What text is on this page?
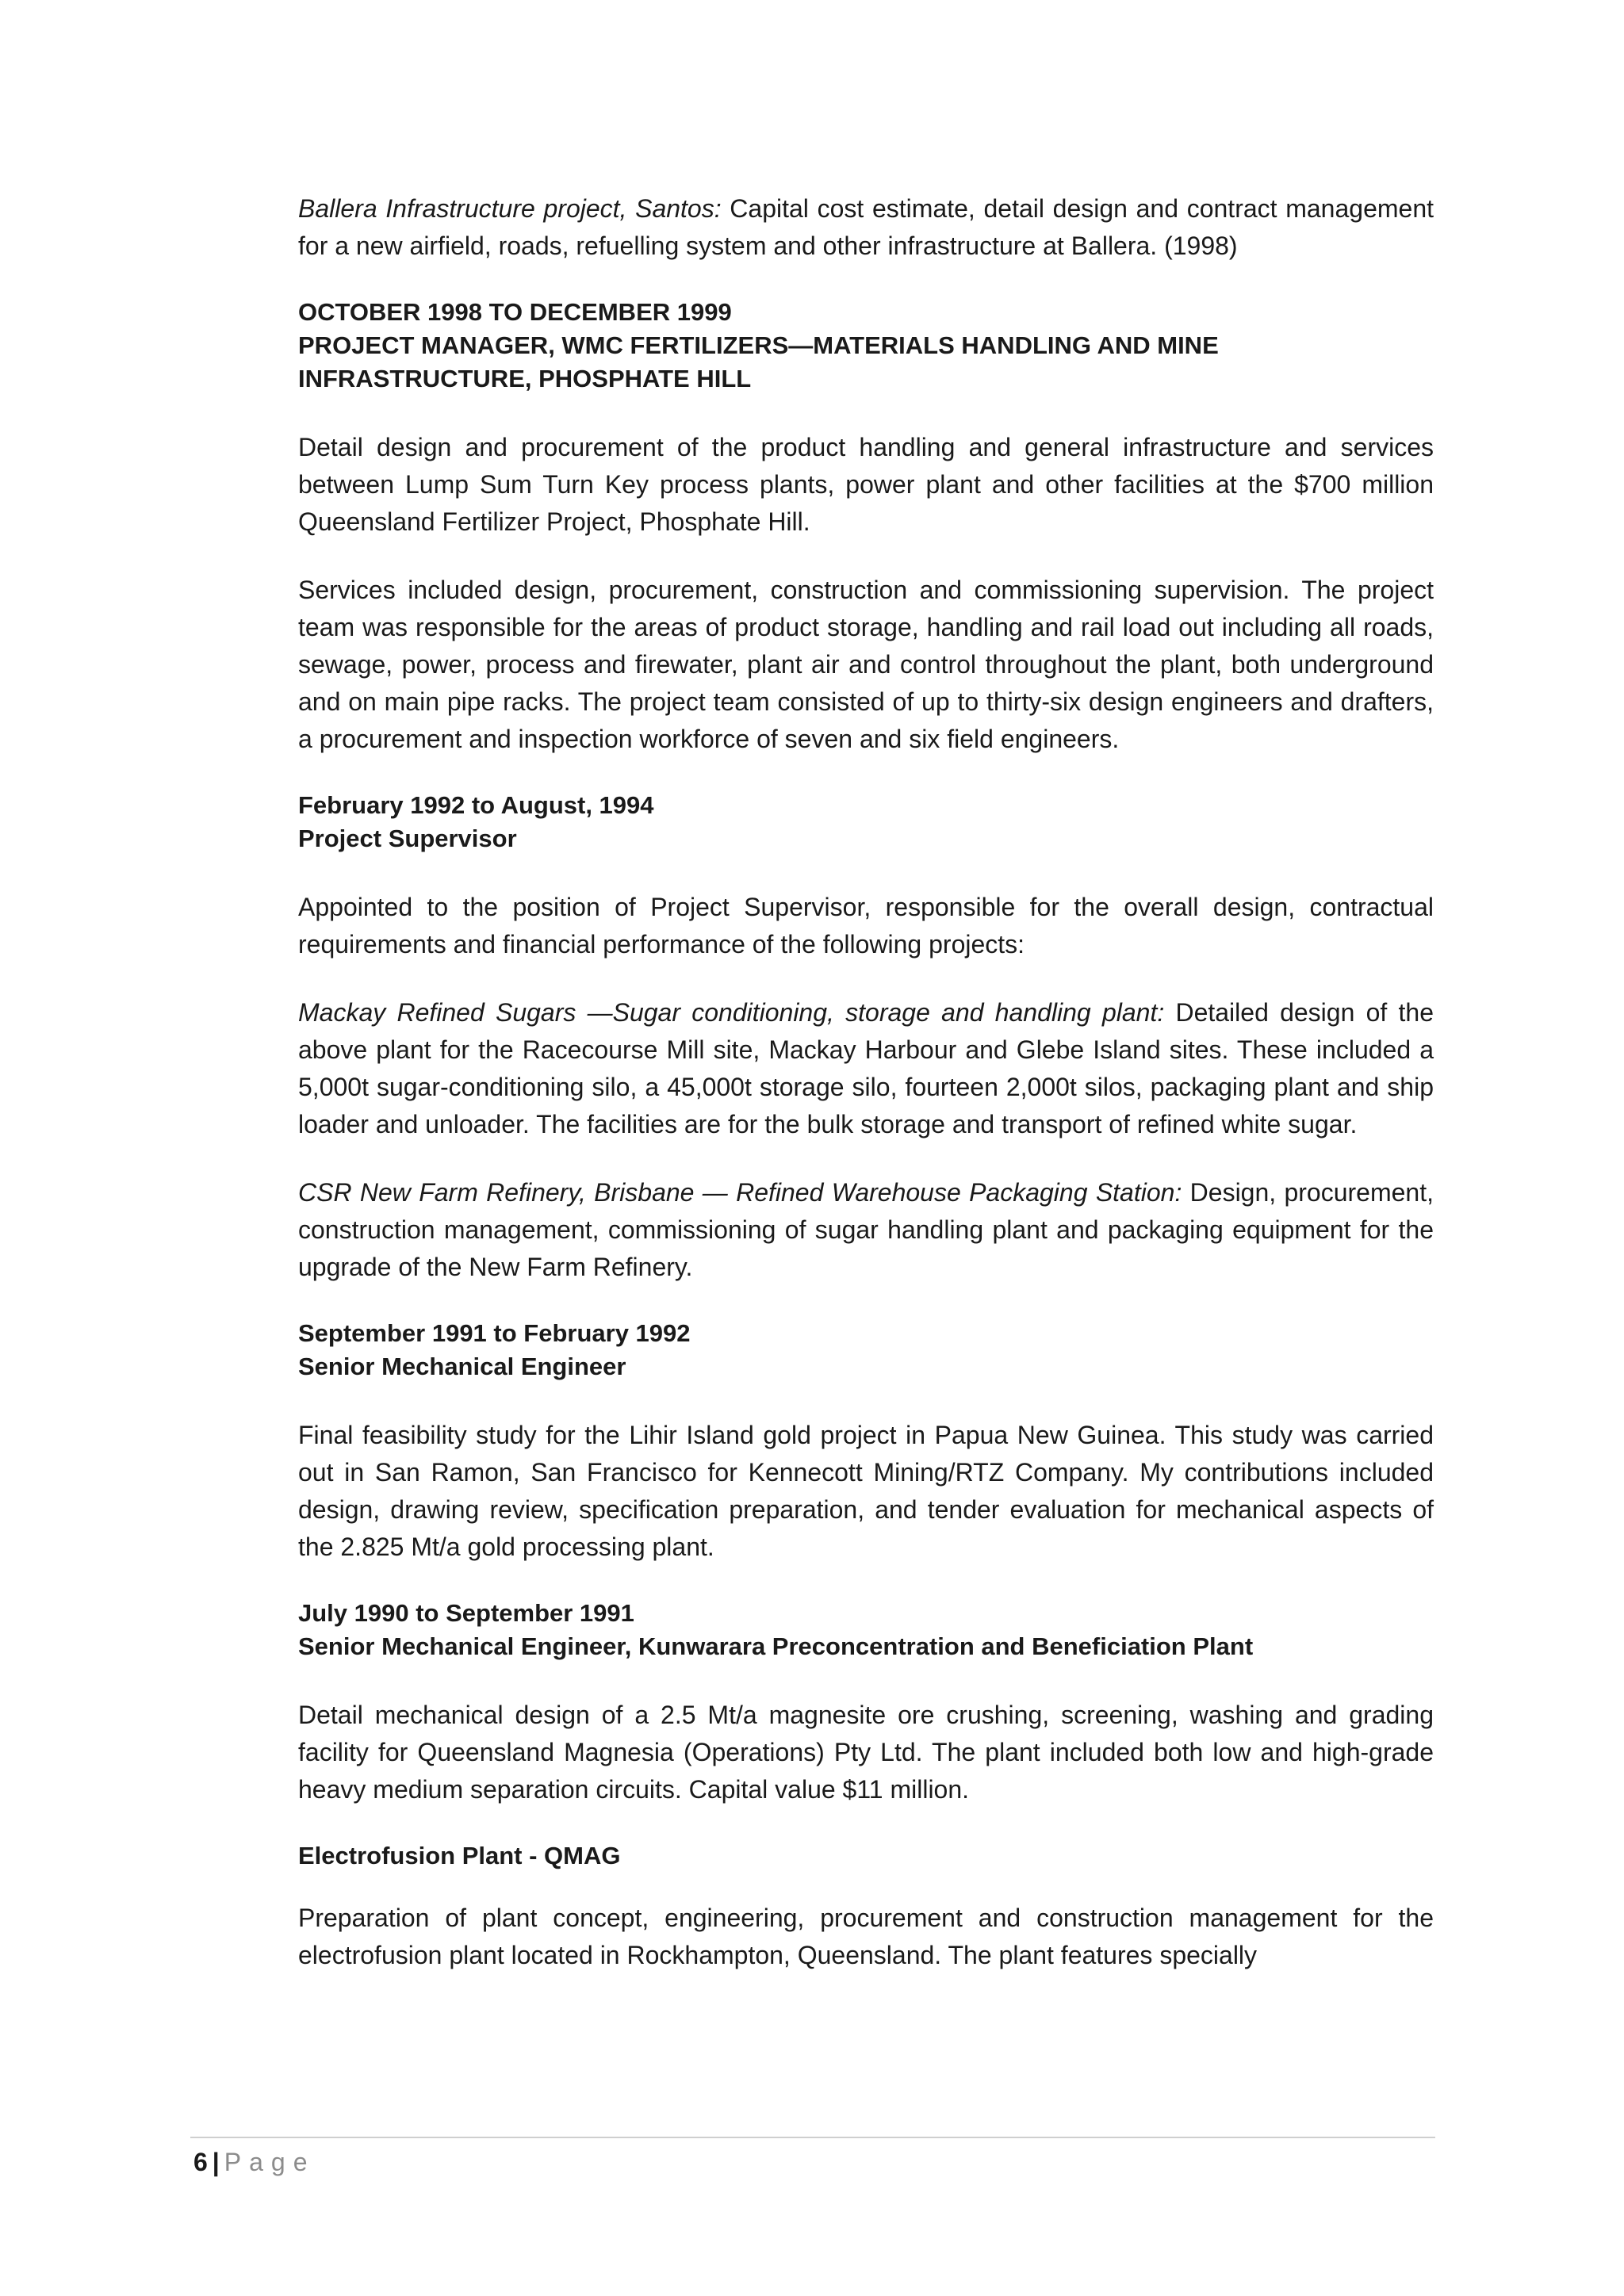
Ballera Infrastructure project, Santos: Capital cost estimate, detail design and contract management for a new airfield, roads, refuelling system and other infrastructure at Ballera. (1998)

OCTOBER 1998 TO DECEMBER 1999
PROJECT MANAGER, WMC FERTILIZERS—MATERIALS HANDLING AND MINE INFRASTRUCTURE, PHOSPHATE HILL

Detail design and procurement of the product handling and general infrastructure and services between Lump Sum Turn Key process plants, power plant and other facilities at the $700 million Queensland Fertilizer Project, Phosphate Hill.

Services included design, procurement, construction and commissioning supervision. The project team was responsible for the areas of product storage, handling and rail load out including all roads, sewage, power, process and firewater, plant air and control throughout the plant, both underground and on main pipe racks. The project team consisted of up to thirty-six design engineers and drafters, a procurement and inspection workforce of seven and six field engineers.

February 1992 to August, 1994
Project Supervisor

Appointed to the position of Project Supervisor, responsible for the overall design, contractual requirements and financial performance of the following projects:

Mackay Refined Sugars —Sugar conditioning, storage and handling plant: Detailed design of the above plant for the Racecourse Mill site, Mackay Harbour and Glebe Island sites. These included a 5,000t sugar-conditioning silo, a 45,000t storage silo, fourteen 2,000t silos, packaging plant and ship loader and unloader. The facilities are for the bulk storage and transport of refined white sugar.

CSR New Farm Refinery, Brisbane — Refined Warehouse Packaging Station: Design, procurement, construction management, commissioning of sugar handling plant and packaging equipment for the upgrade of the New Farm Refinery.

September 1991 to February 1992
Senior Mechanical Engineer

Final feasibility study for the Lihir Island gold project in Papua New Guinea. This study was carried out in San Ramon, San Francisco for Kennecott Mining/RTZ Company. My contributions included design, drawing review, specification preparation, and tender evaluation for mechanical aspects of the 2.825 Mt/a gold processing plant.

July 1990 to September 1991
Senior Mechanical Engineer, Kunwarara Preconcentration and Beneficiation Plant

Detail mechanical design of a 2.5 Mt/a magnesite ore crushing, screening, washing and grading facility for Queensland Magnesia (Operations) Pty Ltd. The plant included both low and high-grade heavy medium separation circuits. Capital value $11 million.

Electrofusion Plant - QMAG

Preparation of plant concept, engineering, procurement and construction management for the electrofusion plant located in Rockhampton, Queensland. The plant features specially

6 | Page
